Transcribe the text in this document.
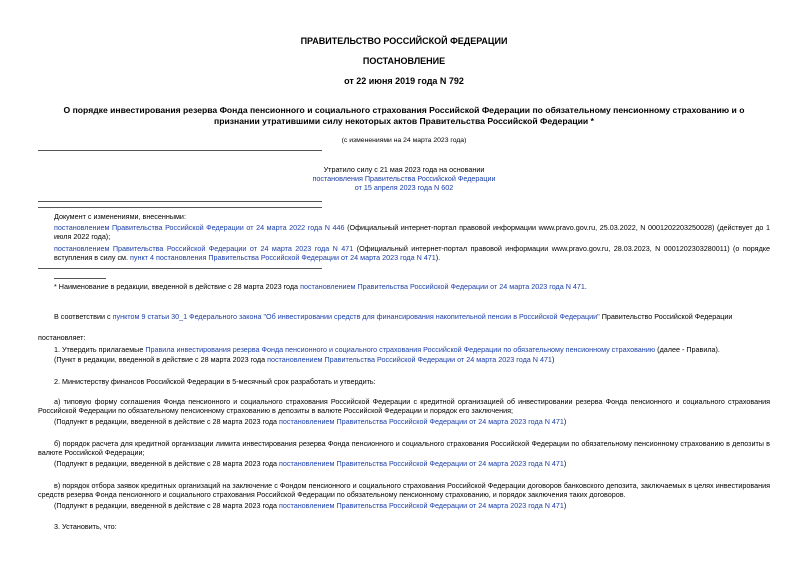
ПРАВИТЕЛЬСТВО РОССИЙСКОЙ ФЕДЕРАЦИИ
ПОСТАНОВЛЕНИЕ
от 22 июня 2019 года N 792
О порядке инвестирования резерва Фонда пенсионного и социального страхования Российской Федерации по обязательному пенсионному страхованию и о
признании утратившими силу некоторых актов Правительства Российской Федерации *
(с изменениями на 24 марта 2023 года)
Утратило силу с 21 мая 2023 года на основании
постановления Правительства Российской Федерации
от 15 апреля 2023 года N 602
Документ с изменениями, внесенными:
постановлением Правительства Российской Федерации от 24 марта 2022 года N 446 (Официальный интернет-портал правовой информации www.pravo.gov.ru, 25.03.2022, N 0001202203250028) (действует до 1 июля 2022 года);
постановлением Правительства Российской Федерации от 24 марта 2023 года N 471 (Официальный интернет-портал правовой информации www.pravo.gov.ru, 28.03.2023, N 0001202303280011) (о порядке вступления в силу см. пункт 4 постановления Правительства Российской Федерации от 24 марта 2023 года N 471).
* Наименование в редакции, введенной в действие с 28 марта 2023 года постановлением Правительства Российской Федерации от 24 марта 2023 года N 471.
В соответствии с пунктом 9 статьи 30_1 Федерального закона "Об инвестировании средств для финансирования накопительной пенсии в Российской Федерации" Правительство Российской Федерации
постановляет:
1. Утвердить прилагаемые Правила инвестирования резерва Фонда пенсионного и социального страхования Российской Федерации по обязательному пенсионному страхованию (далее - Правила).
(Пункт в редакции, введенной в действие с 28 марта 2023 года постановлением Правительства Российской Федерации от 24 марта 2023 года N 471)
2. Министерству финансов Российской Федерации в 5-месячный срок разработать и утвердить:
а) типовую форму соглашения Фонда пенсионного и социального страхования Российской Федерации с кредитной организацией об инвестировании резерва Фонда пенсионного и социального страхования Российской Федерации по обязательному пенсионному страхованию в депозиты в валюте Российской Федерации и порядок его заключения;
(Подпункт в редакции, введенной в действие с 28 марта 2023 года постановлением Правительства Российской Федерации от 24 марта 2023 года N 471)
б) порядок расчета для кредитной организации лимита инвестирования резерва Фонда пенсионного и социального страхования Российской Федерации по обязательному пенсионному страхованию в депозиты в валюте Российской Федерации;
(Подпункт в редакции, введенной в действие с 28 марта 2023 года постановлением Правительства Российской Федерации от 24 марта 2023 года N 471)
в) порядок отбора заявок кредитных организаций на заключение с Фондом пенсионного и социального страхования Российской Федерации договоров банковского депозита, заключаемых в целях инвестирования средств резерва Фонда пенсионного и социального страхования Российской Федерации по обязательному пенсионному страхованию, и порядок заключения таких договоров.
(Подпункт в редакции, введенной в действие с 28 марта 2023 года постановлением Правительства Российской Федерации от 24 марта 2023 года N 471)
3. Установить, что:
